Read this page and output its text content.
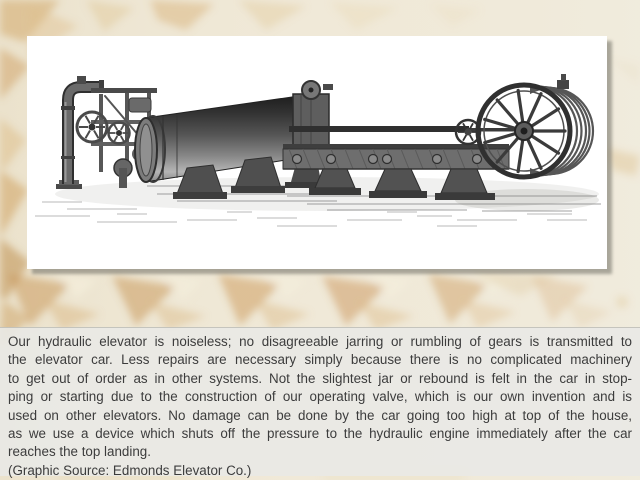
Our hydraulic elevator is noiseless; no disagreeable jarring or rumbling of gears is transmitted to
the elevator car. Less repairs are necessary simply because there is no complicated machinery
to get out of order as in other systems. Not the slightest jar or rebound is felt in the car in stop-
ping or starting due to the construction of our operating valve, which is our own invention and is
used on other elevators. No damage can be done by the car going too high at top of the house,
as we use a device which shuts off the pressure to the hydraulic engine immediately after the car
reaches the top landing.
(Graphic Source: Edmonds Elevator Co.)
